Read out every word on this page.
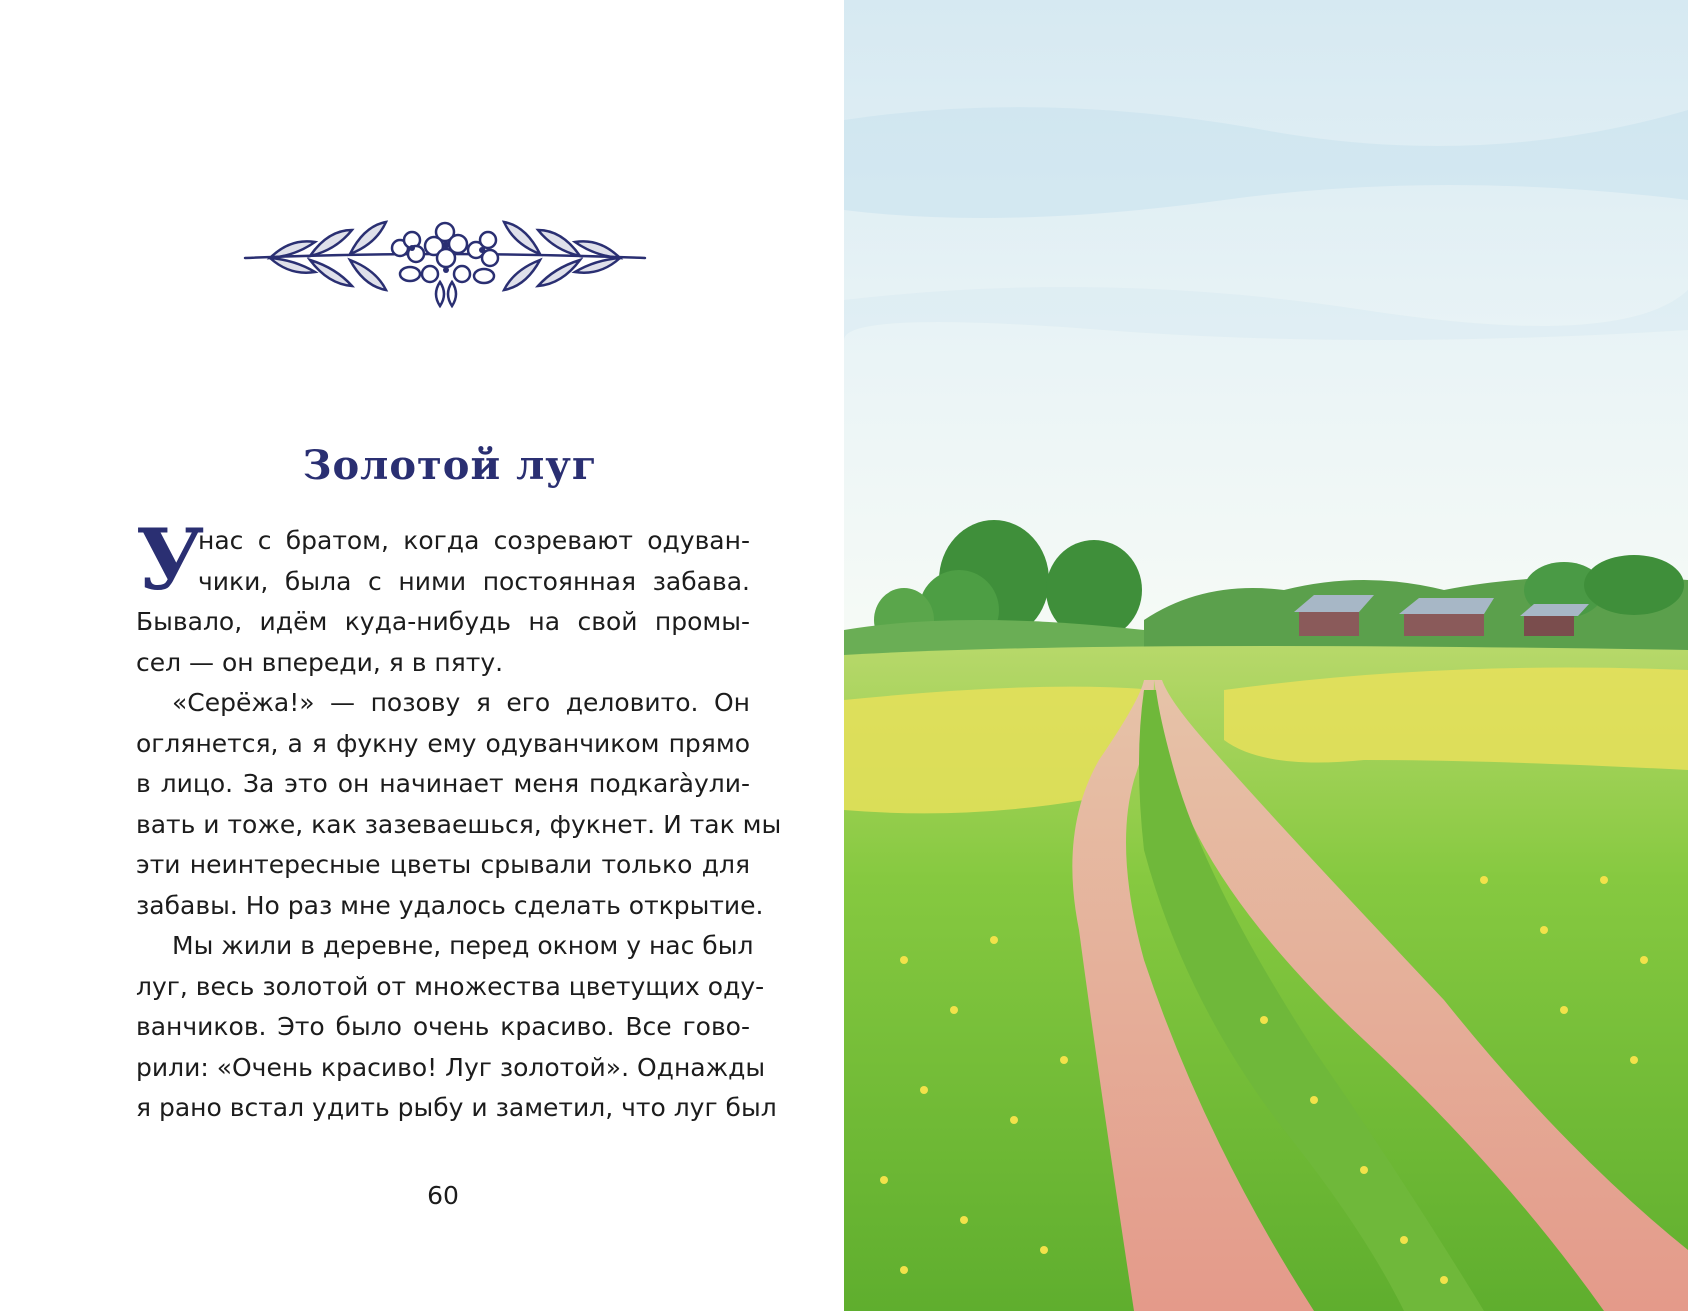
Золотой луг
У
нас с братом, когда созревают одуван-
чики, была с ними постоянная забава.
Бывало, идём куда-нибудь на свой промы-
сел — он впереди, я в пяту.
«Серёжа!» — позову я его деловито. Он
оглянется, а я фукну ему одуванчиком прямо
в лицо. За это он начинает меня подкаràули-
вать и тоже, как зазеваешься, фукнет. И так мы
эти неинтересные цветы срывали только для
забавы. Но раз мне удалось сделать открытие.
Мы жили в деревне, перед окном у нас был
луг, весь золотой от множества цветущих оду-
ванчиков. Это было очень красиво. Все гово-
рили: «Очень красиво! Луг золотой». Однажды
я рано встал удить рыбу и заметил, что луг был
60
